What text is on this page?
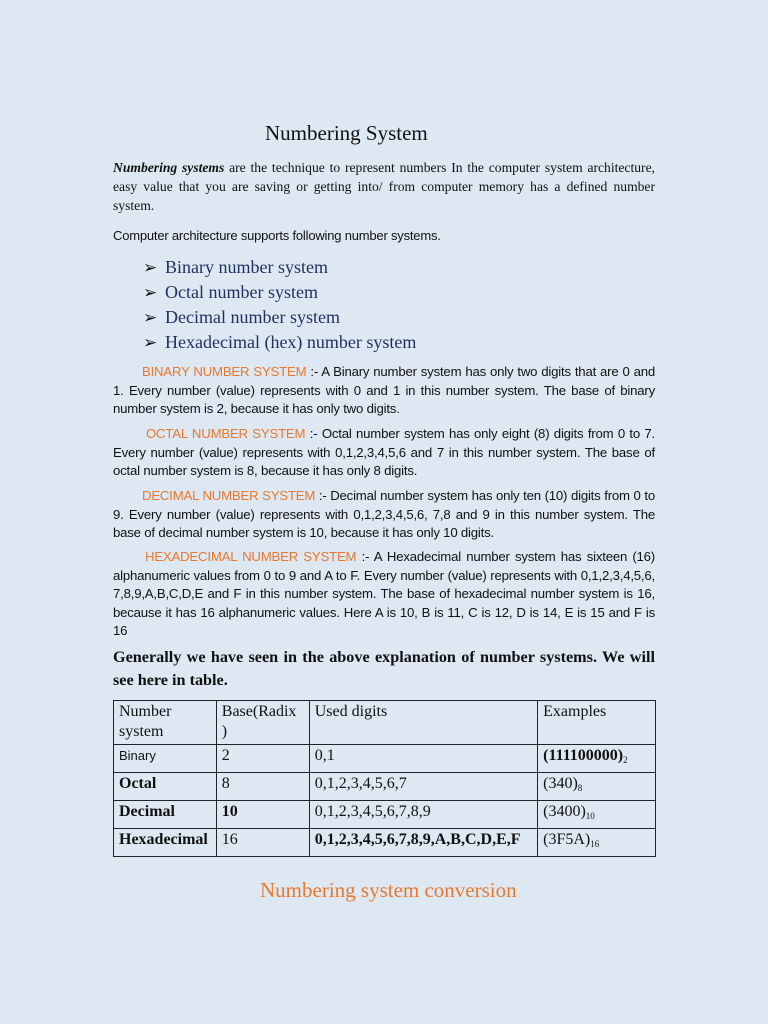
Numbering System
Numbering systems are the technique to represent numbers In the computer system architecture, easy value that you are saving or getting into/ from computer memory has a defined number system.
Computer architecture supports following number systems.
➢ Binary number system
➢ Octal number system
➢ Decimal number system
➢ Hexadecimal (hex) number system
BINARY NUMBER SYSTEM :- A Binary number system has only two digits that are 0 and 1. Every number (value) represents with 0 and 1 in this number system. The base of binary number system is 2, because it has only two digits.
OCTAL NUMBER SYSTEM :- Octal number system has only eight (8) digits from 0 to 7. Every number (value) represents with 0,1,2,3,4,5,6 and 7 in this number system. The base of octal number system is 8, because it has only 8 digits.
DECIMAL NUMBER SYSTEM :- Decimal number system has only ten (10) digits from 0 to 9. Every number (value) represents with 0,1,2,3,4,5,6, 7,8 and 9 in this number system. The base of decimal number system is 10, because it has only 10 digits.
HEXADECIMAL NUMBER SYSTEM :- A Hexadecimal number system has sixteen (16) alphanumeric values from 0 to 9 and A to F. Every number (value) represents with 0,1,2,3,4,5,6, 7,8,9,A,B,C,D,E and F in this number system. The base of hexadecimal number system is 16, because it has 16 alphanumeric values. Here A is 10, B is 11, C is 12, D is 14, E is 15 and F is 16
Generally we have seen in the above explanation of number systems. We will see here in table.
Number system	Base(Radix )	Used digits	Examples
Binary	2	0,1	$(111100000)_2$
Octal	8	0,1,2,3,4,5,6,7	$(340)_8$
Decimal	10	0,1,2,3,4,5,6,7,8,9	$(3400)_{10}$
Hexadecimal	16	0,1,2,3,4,5,6,7,8,9,A,B,C,D,E,F	$(3F5A)_{16}$
Numbering system conversion
